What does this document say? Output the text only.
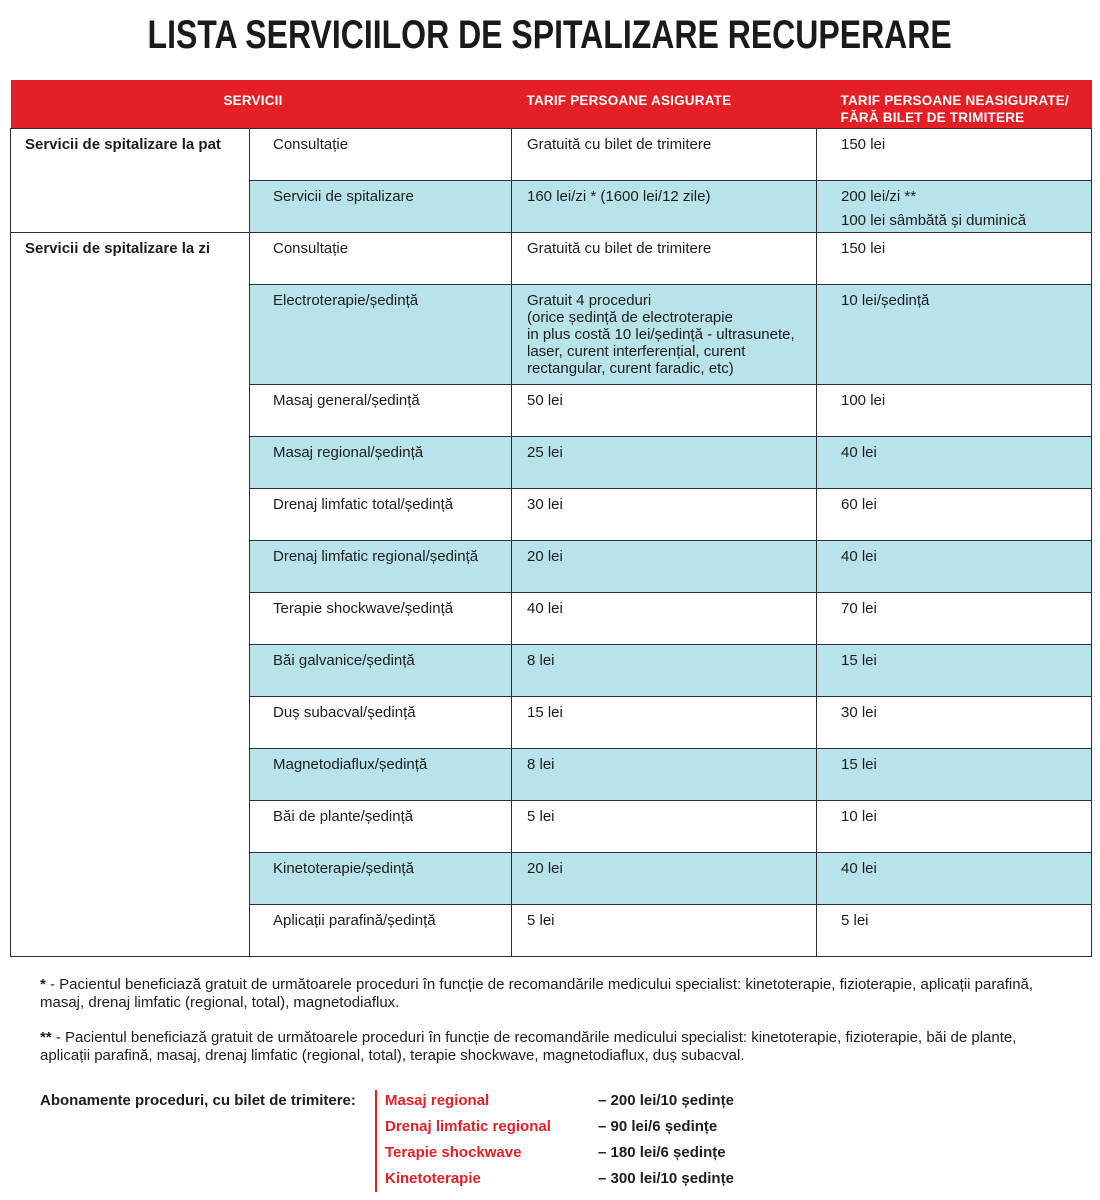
LISTA SERVICIILOR DE SPITALIZARE RECUPERARE
SERVICII		TARIF PERSOANE ASIGURATE	TARIF PERSOANE NEASIGURATE/
FĂRĂ BILET DE TRIMITERE

Servicii de spitalizare la pat	Consultație	Gratuită cu bilet de trimitere	150 lei
	Servicii de spitalizare	160 lei/zi * (1600 lei/12 zile)	200 lei/zi **
100 lei sâmbătă și duminică

Servicii de spitalizare la zi	Consultație	Gratuită cu bilet de trimitere	150 lei
	Electroterapie/ședință	Gratuit 4 proceduri
(orice ședință de electroterapie
in plus costă 10 lei/ședință - ultrasunete,
laser, curent interferențial, curent
rectangular, curent faradic, etc)	10 lei/ședință
	Masaj general/ședință	50 lei	100 lei
	Masaj regional/ședință	25 lei	40 lei
	Drenaj limfatic total/ședință	30 lei	60 lei
	Drenaj limfatic regional/ședință	20 lei	40 lei
	Terapie shockwave/ședință	40 lei	70 lei
	Băi galvanice/ședință	8 lei	15 lei
	Duș subacval/ședință	15 lei	30 lei
	Magnetodiaflux/ședință	8 lei	15 lei
	Băi de plante/ședință	5 lei	10 lei
	Kinetoterapie/ședință	20 lei	40 lei
	Aplicații parafină/ședință	5 lei	5 lei

* - Pacientul beneficiază gratuit de următoarele proceduri în funcție de recomandările medicului specialist: kinetoterapie, fizioterapie, aplicații parafină, masaj, drenaj limfatic (regional, total), magnetodiaflux.

** - Pacientul beneficiază gratuit de următoarele proceduri în funcție de recomandările medicului specialist: kinetoterapie, fizioterapie, băi de plante, aplicații parafină, masaj, drenaj limfatic (regional, total), terapie shockwave, magnetodiaflux, duș subacval.

Abonamente proceduri, cu bilet de trimitere: Masaj regional	– 200 lei/10 ședințe
Drenaj limfatic regional	– 90 lei/6 ședințe
Terapie shockwave	– 180 lei/6 ședințe
Kinetoterapie	– 300 lei/10 ședințe
